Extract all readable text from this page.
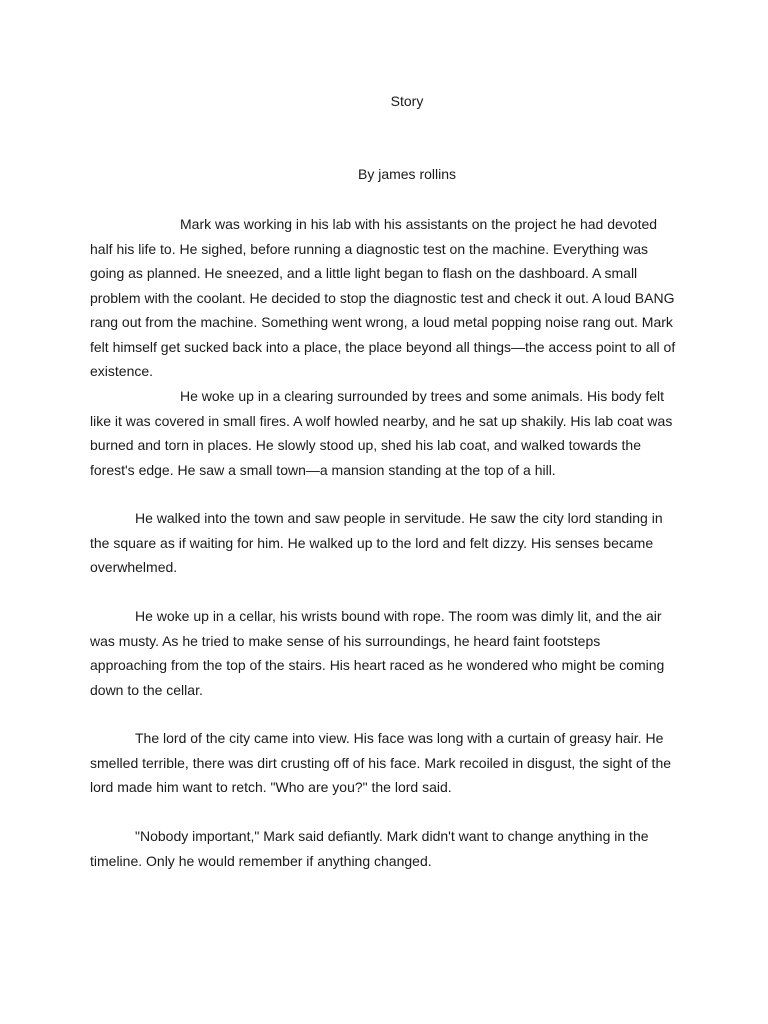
Story
By james rollins

Mark was working in his lab with his assistants on the project he had devoted half his life to. He sighed, before running a diagnostic test on the machine. Everything was going as planned. He sneezed, and a little light began to flash on the dashboard. A small problem with the coolant. He decided to stop the diagnostic test and check it out. A loud BANG rang out from the machine. Something went wrong, a loud metal popping noise rang out. Mark felt himself get sucked back into a place, the place beyond all things—the access point to all of existence.

He woke up in a clearing surrounded by trees and some animals. His body felt like it was covered in small fires. A wolf howled nearby, and he sat up shakily. His lab coat was burned and torn in places. He slowly stood up, shed his lab coat, and walked towards the forest's edge. He saw a small town—a mansion standing at the top of a hill.

He walked into the town and saw people in servitude. He saw the city lord standing in the square as if waiting for him. He walked up to the lord and felt dizzy. His senses became overwhelmed.

He woke up in a cellar, his wrists bound with rope. The room was dimly lit, and the air was musty. As he tried to make sense of his surroundings, he heard faint footsteps approaching from the top of the stairs. His heart raced as he wondered who might be coming down to the cellar.

The lord of the city came into view. His face was long with a curtain of greasy hair. He smelled terrible, there was dirt crusting off of his face. Mark recoiled in disgust, the sight of the lord made him want to retch. "Who are you?" the lord said.

"Nobody important," Mark said defiantly. Mark didn't want to change anything in the timeline. Only he would remember if anything changed.
